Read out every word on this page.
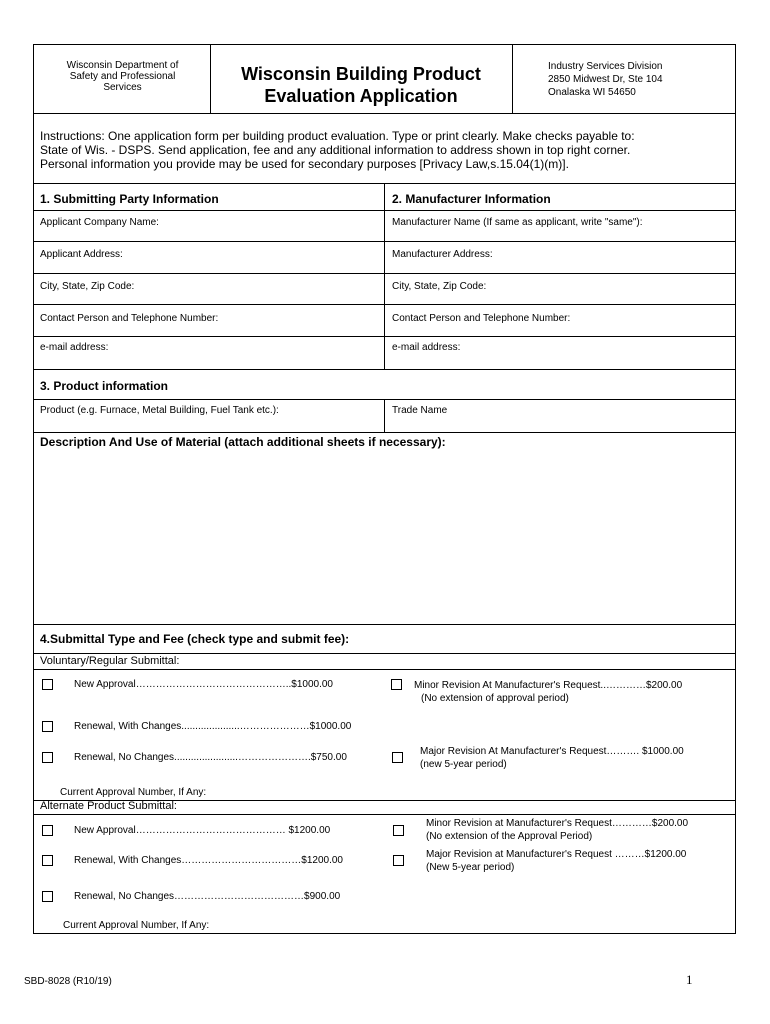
Wisconsin Department of
Safety and Professional
Services
Wisconsin Building Product
Evaluation Application
Industry Services Division
2850 Midwest Dr, Ste 104
Onalaska WI 54650
Instructions: One application form per building product evaluation. Type or print clearly. Make checks payable to:
State of Wis. - DSPS. Send application, fee and any additional information to address shown in top right corner.
Personal information you provide may be used for secondary purposes [Privacy Law,s.15.04(1)(m)].
1. Submitting Party Information	2. Manufacturer Information
Applicant Company Name:	Manufacturer Name (If same as applicant, write "same"):
Applicant Address:	Manufacturer Address:
City, State, Zip Code:	City, State, Zip Code:
Contact Person and Telephone Number:	Contact Person and Telephone Number:
e-mail address:	e-mail address:
3. Product information
Product (e.g. Furnace, Metal Building, Fuel Tank etc.):	Trade Name
Description And Use of Material (attach additional sheets if necessary):
4.Submittal Type and Fee (check type and submit fee):
Voluntary/Regular Submittal:
New Approval………………………………………..$1000.00	Minor Revision At Manufacturer's Request..…………$200.00
(No extension of approval period)
Renewal, With Changes.....................…………………$1000.00
Renewal, No Changes.......................………………….$750.00
Major Revision At Manufacturer's Request………. $1000.00
(new 5-year period)
Current Approval Number, If Any:
Alternate Product Submittal:
New Approval……………………………………… $1200.00
Minor Revision at Manufacturer's Request…………$200.00
(No extension of the Approval Period)
Renewal, With Changes………………………………$1200.00
Major Revision at Manufacturer's Request ………$1200.00
(New 5-year period)
Renewal, No Changes…………………………………$900.00
Current Approval Number, If Any:
SBD-8028 (R10/19)	1
